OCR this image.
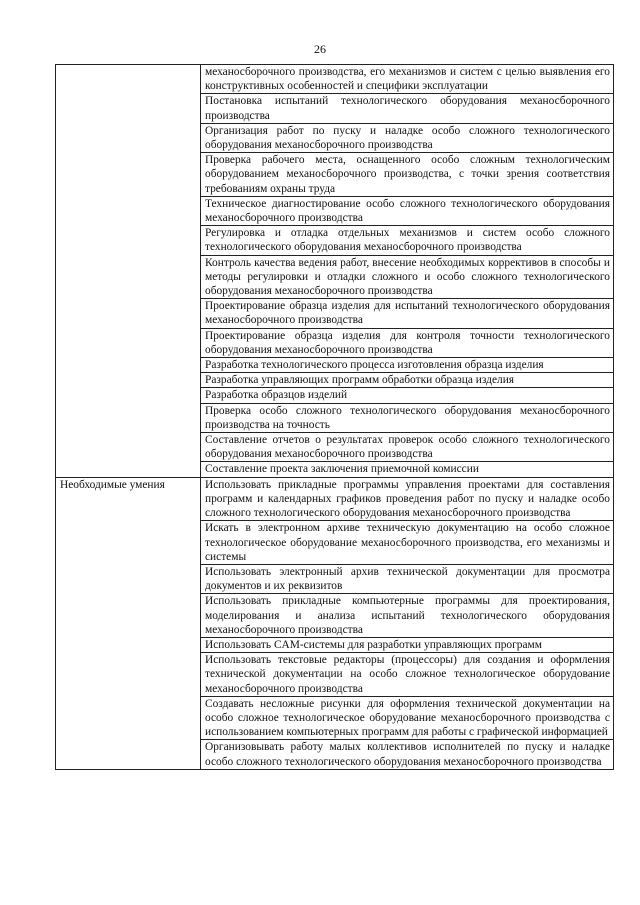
26
	механосборочного производства, его механизмов и систем с целью выявления его конструктивных особенностей и специфики эксплуатации
	Постановка испытаний технологического оборудования механосборочного производства
	Организация работ по пуску и наладке особо сложного технологического оборудования механосборочного производства
	Проверка рабочего места, оснащенного особо сложным технологическим оборудованием механосборочного производства, с точки зрения соответствия требованиям охраны труда
	Техническое диагностирование особо сложного технологического оборудования механосборочного производства
	Регулировка и отладка отдельных механизмов и систем особо сложного технологического оборудования механосборочного производства
	Контроль качества ведения работ, внесение необходимых коррективов в способы и методы регулировки и отладки сложного и особо сложного технологического оборудования механосборочного производства
	Проектирование образца изделия для испытаний технологического оборудования механосборочного производства
	Проектирование образца изделия для контроля точности технологического оборудования механосборочного производства
	Разработка технологического процесса изготовления образца изделия
	Разработка управляющих программ обработки образца изделия
	Разработка образцов изделий
	Проверка особо сложного технологического оборудования механосборочного производства на точность
	Составление отчетов о результатах проверок особо сложного технологического оборудования механосборочного производства
	Составление проекта заключения приемочной комиссии
Необходимые умения	Использовать прикладные программы управления проектами для составления программ и календарных графиков проведения работ по пуску и наладке особо сложного технологического оборудования механосборочного производства
	Искать в электронном архиве техническую документацию на особо сложное технологическое оборудование механосборочного производства, его механизмы и системы
	Использовать электронный архив технической документации для просмотра документов и их реквизитов
	Использовать прикладные компьютерные программы для проектирования, моделирования и анализа испытаний технологического оборудования механосборочного производства
	Использовать CAM-системы для разработки управляющих программ
	Использовать текстовые редакторы (процессоры) для создания и оформления технической документации на особо сложное технологическое оборудование механосборочного производства
	Создавать несложные рисунки для оформления технической документации на особо сложное технологическое оборудование механосборочного производства с использованием компьютерных программ для работы с графической информацией
	Организовывать работу малых коллективов исполнителей по пуску и наладке особо сложного технологического оборудования механосборочного производства
